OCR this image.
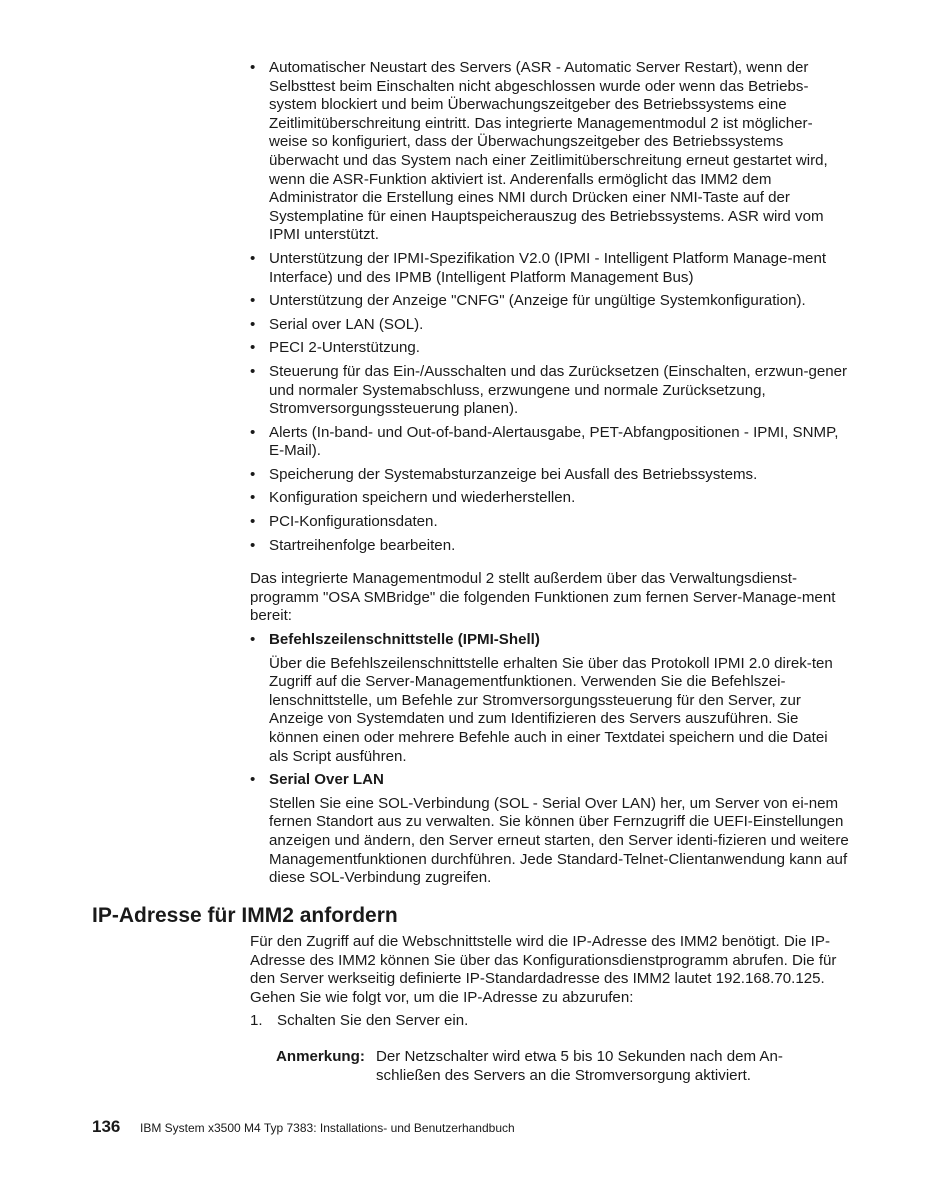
• Automatischer Neustart des Servers (ASR - Automatic Server Restart), wenn der Selbsttest beim Einschalten nicht abgeschlossen wurde oder wenn das Betriebs-system blockiert und beim Überwachungszeitgeber des Betriebssystems eine Zeitlimitüberschreitung eintritt. Das integrierte Managementmodul 2 ist möglicher-weise so konfiguriert, dass der Überwachungszeitgeber des Betriebssystems überwacht und das System nach einer Zeitlimitüberschreitung erneut gestartet wird, wenn die ASR-Funktion aktiviert ist. Anderenfalls ermöglicht das IMM2 dem Administrator die Erstellung eines NMI durch Drücken einer NMI-Taste auf der Systemplatine für einen Hauptspeicherauszug des Betriebssystems. ASR wird vom IPMI unterstützt.
• Unterstützung der IPMI-Spezifikation V2.0 (IPMI - Intelligent Platform Manage-ment Interface) und des IPMB (Intelligent Platform Management Bus)
• Unterstützung der Anzeige "CNFG" (Anzeige für ungültige Systemkonfiguration).
• Serial over LAN (SOL).
• PECI 2-Unterstützung.
• Steuerung für das Ein-/Ausschalten und das Zurücksetzen (Einschalten, erzwun-gener und normaler Systemabschluss, erzwungene und normale Zurücksetzung, Stromversorgungssteuerung planen).
• Alerts (In-band- und Out-of-band-Alertausgabe, PET-Abfangpositionen - IPMI, SNMP, E-Mail).
• Speicherung der Systemabsturzanzeige bei Ausfall des Betriebssystems.
• Konfiguration speichern und wiederherstellen.
• PCI-Konfigurationsdaten.
• Startreihenfolge bearbeiten.

Das integrierte Managementmodul 2 stellt außerdem über das Verwaltungsdienst-programm "OSA SMBridge" die folgenden Funktionen zum fernen Server-Manage-ment bereit:

• Befehlszeilenschnittstelle (IPMI-Shell)
Über die Befehlszeilenschnittstelle erhalten Sie über das Protokoll IPMI 2.0 direk-ten Zugriff auf die Server-Managementfunktionen. Verwenden Sie die Befehlszei-lenschnittstelle, um Befehle zur Stromversorgungssteuerung für den Server, zur Anzeige von Systemdaten und zum Identifizieren des Servers auszuführen. Sie können einen oder mehrere Befehle auch in einer Textdatei speichern und die Datei als Script ausführen.
• Serial Over LAN
Stellen Sie eine SOL-Verbindung (SOL - Serial Over LAN) her, um Server von ei-nem fernen Standort aus zu verwalten. Sie können über Fernzugriff die UEFI-Einstellungen anzeigen und ändern, den Server erneut starten, den Server identi-fizieren und weitere Managementfunktionen durchführen. Jede Standard-Telnet-Clientanwendung kann auf diese SOL-Verbindung zugreifen.
IP-Adresse für IMM2 anfordern

Für den Zugriff auf die Webschnittstelle wird die IP-Adresse des IMM2 benötigt. Die IP-Adresse des IMM2 können Sie über das Konfigurationsdienstprogramm abrufen. Die für den Server werkseitig definierte IP-Standardadresse des IMM2 lautet 192.168.70.125. Gehen Sie wie folgt vor, um die IP-Adresse zu abzurufen:

1. Schalten Sie den Server ein.
Anmerkung: Der Netzschalter wird etwa 5 bis 10 Sekunden nach dem An-schließen des Servers an die Stromversorgung aktiviert.
136	IBM System x3500 M4 Typ 7383: Installations- und Benutzerhandbuch
